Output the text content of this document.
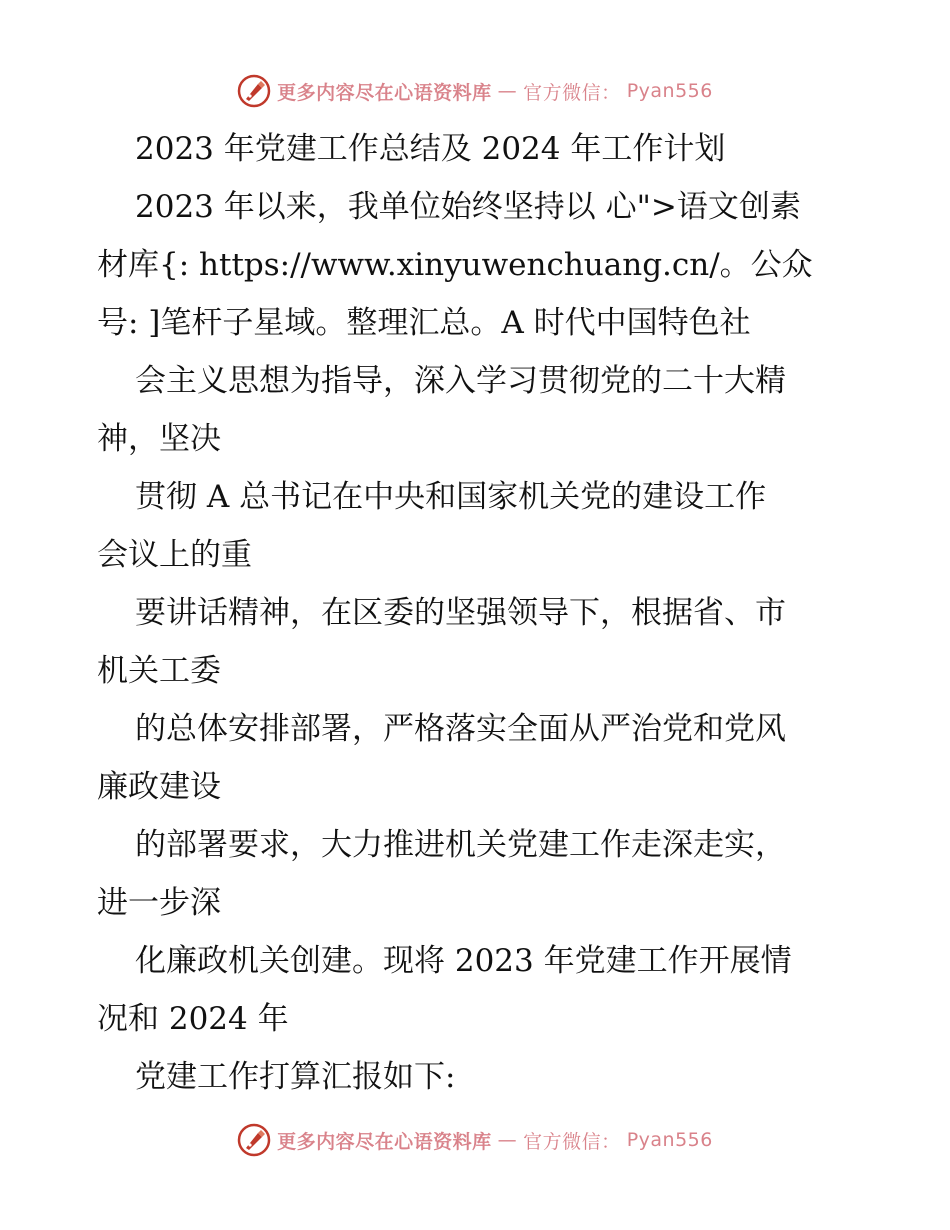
更多内容尽在心语资料库 — 官方微信： Pyan556
2023 年党建工作总结及 2024 年工作计划
2023 年以来，我单位始终坚持以 心">语文创素
材库{: https://www.xinyuwenchuang.cn/。公众
号: ]笔杆子星域。整理汇总。A 时代中国特色社
会主义思想为指导，深入学习贯彻党的二十大精
神，坚决
贯彻 A 总书记在中央和国家机关党的建设工作
会议上的重
要讲话精神，在区委的坚强领导下，根据省、市
机关工委
的总体安排部署，严格落实全面从严治党和党风
廉政建设
的部署要求，大力推进机关党建工作走深走实，
进一步深
化廉政机关创建。现将 2023 年党建工作开展情
况和 2024 年
党建工作打算汇报如下:
更多内容尽在心语资料库 — 官方微信： Pyan556
